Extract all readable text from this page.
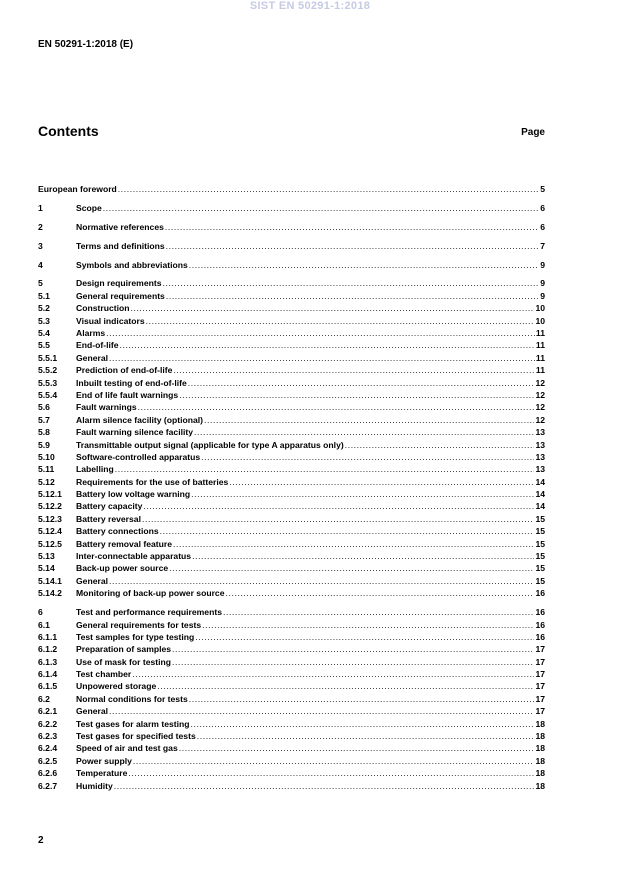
SIST EN 50291-1:2018
EN 50291-1:2018 (E)
Contents	Page
European foreword .....	5
1	Scope .....	6
2	Normative references .....	6
3	Terms and definitions .....	7
4	Symbols and abbreviations .....	9
5	Design requirements .....	9
5.1	General requirements .....	9
5.2	Construction .....	10
5.3	Visual indicators .....	10
5.4	Alarms .....	11
5.5	End-of-life .....	11
5.5.1	General .....	11
5.5.2	Prediction of end-of-life .....	11
5.5.3	Inbuilt testing of end-of-life .....	12
5.5.4	End of life fault warnings .....	12
5.6	Fault warnings .....	12
5.7	Alarm silence facility (optional) .....	12
5.8	Fault warning silence facility .....	13
5.9	Transmittable output signal (applicable for type A apparatus only) .....	13
5.10	Software-controlled apparatus .....	13
5.11	Labelling .....	13
5.12	Requirements for the use of batteries .....	14
5.12.1	Battery low voltage warning .....	14
5.12.2	Battery capacity .....	14
5.12.3	Battery reversal .....	15
5.12.4	Battery connections .....	15
5.12.5	Battery removal feature .....	15
5.13	Inter-connectable apparatus .....	15
5.14	Back-up power source .....	15
5.14.1	General .....	15
5.14.2	Monitoring of back-up power source .....	16
6	Test and performance requirements .....	16
6.1	General requirements for tests .....	16
6.1.1	Test samples for type testing .....	16
6.1.2	Preparation of samples .....	17
6.1.3	Use of mask for testing .....	17
6.1.4	Test chamber .....	17
6.1.5	Unpowered storage .....	17
6.2	Normal conditions for tests .....	17
6.2.1	General .....	17
6.2.2	Test gases for alarm testing .....	18
6.2.3	Test gases for specified tests .....	18
6.2.4	Speed of air and test gas .....	18
6.2.5	Power supply .....	18
6.2.6	Temperature .....	18
6.2.7	Humidity .....	18
2
